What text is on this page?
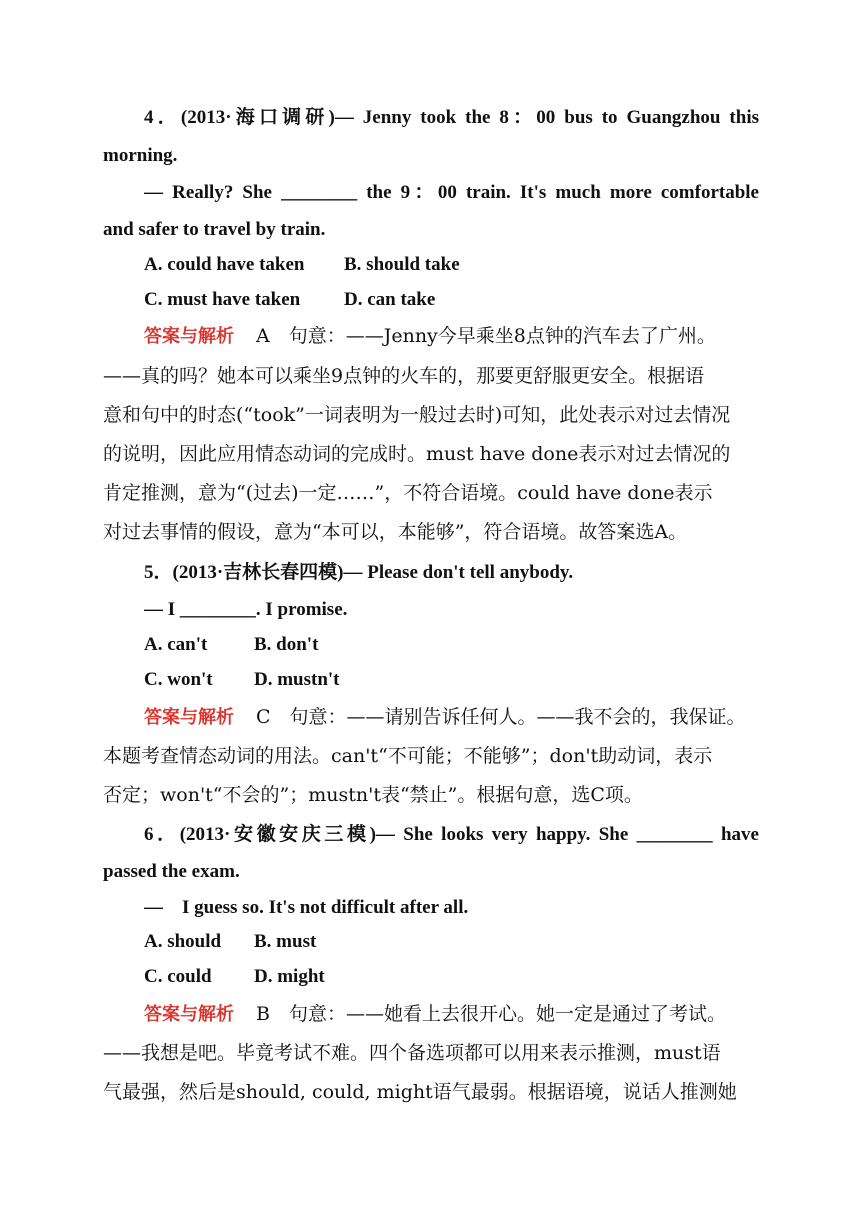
4．(2013·海口调研)— Jenny took the 8：00 bus to Guangzhou this
morning.
— Really? She ________ the 9：00 train. It's much more comfortable
and safer to travel by train.
A. could have taken B. should take
C. must have taken D. can take
答案与解析 A　句意：——Jenny今早乘坐8点钟的汽车去了广州。
——真的吗？她本可以乘坐9点钟的火车的，那要更舒服更安全。根据语
意和句中的时态(“took”一词表明为一般过去时)可知，此处表示对过去情况
的说明，因此应用情态动词的完成时。must have done表示对过去情况的
肯定推测，意为“(过去)一定……”，不符合语境。could have done表示
对过去事情的假设，意为“本可以，本能够”，符合语境。故答案选A。
5．(2013·吉林长春四模)— Please don't tell anybody.
— I ________. I promise.
A. can't B. don't
C. won't D. mustn't
答案与解析 C　句意：——请别告诉任何人。——我不会的，我保证。
本题考查情态动词的用法。can't“不可能；不能够”；don't助动词，表示
否定；won't“不会的”；mustn't表“禁止”。根据句意，选C项。
6．(2013·安徽安庆三模)— She looks very happy. She ________ have
passed the exam.
—　I guess so. It's not difficult after all.
A. should B. must
C. could D. might
答案与解析 B　句意：——她看上去很开心。她一定是通过了考试。
——我想是吧。毕竟考试不难。四个备选项都可以用来表示推测，must语
气最强，然后是should, could, might语气最弱。根据语境，说话人推测她
